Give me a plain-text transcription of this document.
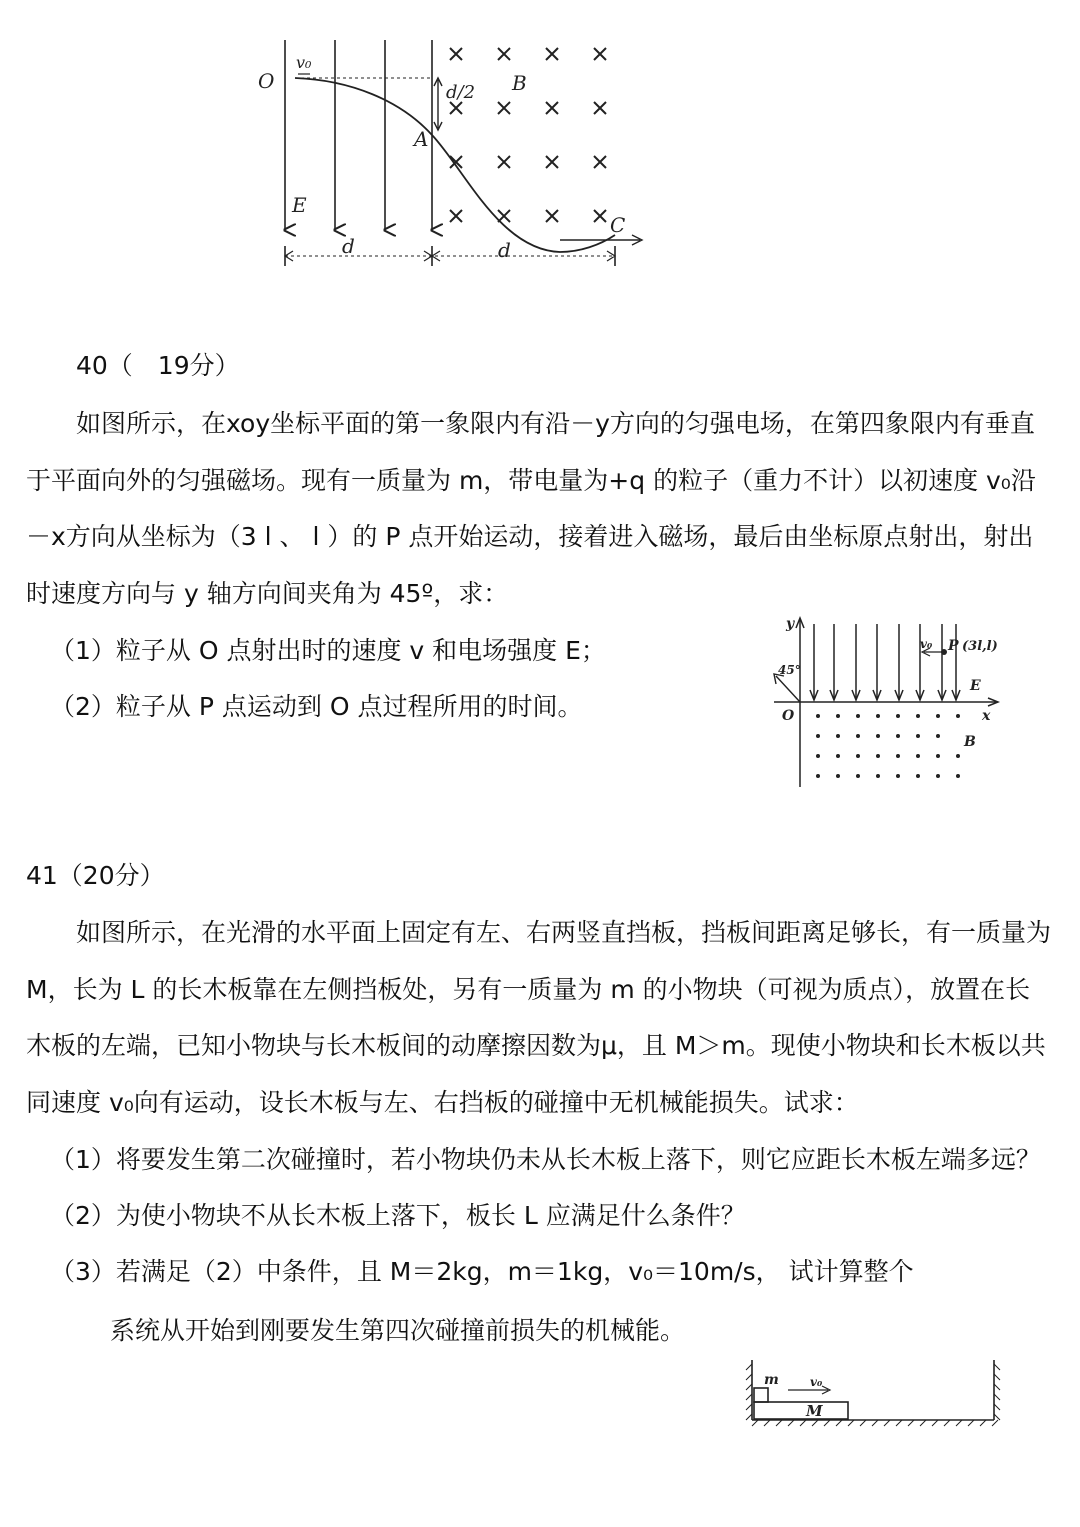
O
v₀
d/2 B
A
E
C
d	d
40（　19分）
如图所示，在xoy坐标平面的第一象限内有沿－y方向的匀强电场，在第四象限内有垂直
于平面向外的匀强磁场。现有一质量为 m，带电量为+q 的粒子（重力不计）以初速度 v₀沿
－x方向从坐标为（3 l 、 l ）的 P 点开始运动，接着进入磁场，最后由坐标原点射出，射出
时速度方向与 y 轴方向间夹角为 45º，求：
（1）粒子从 O 点射出时的速度 v 和电场强度 E；
（2）粒子从 P 点运动到 O 点过程所用的时间。
y
45°
O	x
v₀ P (3l,l)
E
B
41（20分）
如图所示，在光滑的水平面上固定有左、右两竖直挡板，挡板间距离足够长，有一质量为
M，长为 L 的长木板靠在左侧挡板处，另有一质量为 m 的小物块（可视为质点），放置在长
木板的左端，已知小物块与长木板间的动摩擦因数为μ，且 M＞m。现使小物块和长木板以共
同速度 v₀向有运动，设长木板与左、右挡板的碰撞中无机械能损失。试求：
（1）将要发生第二次碰撞时，若小物块仍未从长木板上落下，则它应距长木板左端多远？
（2）为使小物块不从长木板上落下，板长 L 应满足什么条件？
（3）若满足（2）中条件，且 M＝2kg，m＝1kg，v₀＝10m/s， 试计算整个
系统从开始到刚要发生第四次碰撞前损失的机械能。
m	v₀
M
